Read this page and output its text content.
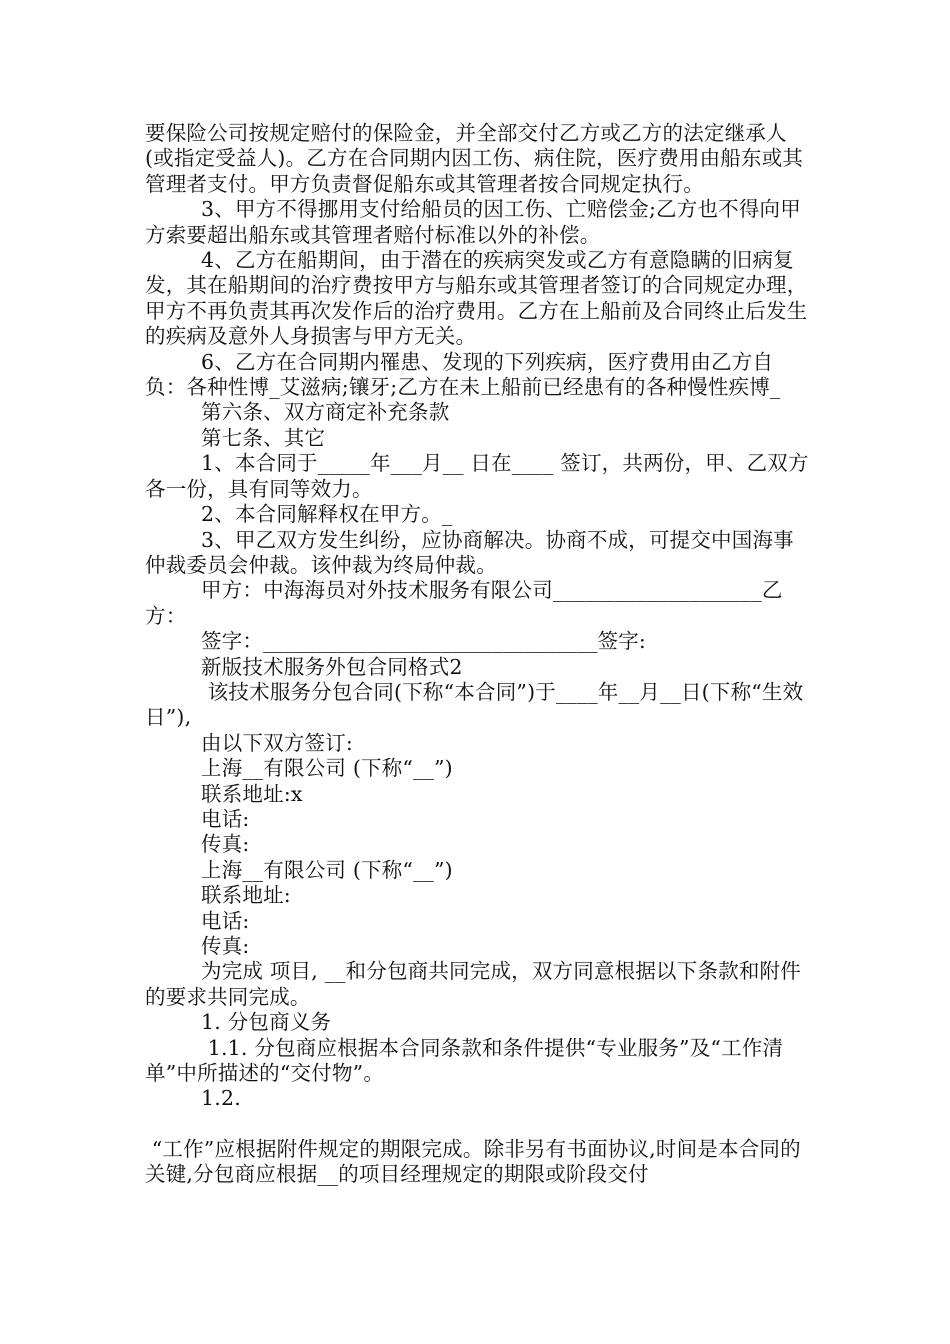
要保险公司按规定赔付的保险金，并全部交付乙方或乙方的法定继承人(或指定受益人)。乙方在合同期内因工伤、病住院，医疗费用由船东或其管理者支付。甲方负责督促船东或其管理者按合同规定执行。

3、甲方不得挪用支付给船员的因工伤、亡赔偿金;乙方也不得向甲方索要超出船东或其管理者赔付标准以外的补偿。

4、乙方在船期间，由于潜在的疾病突发或乙方有意隐瞒的旧病复发，其在船期间的治疗费按甲方与船东或其管理者签订的合同规定办理，甲方不再负责其再次发作后的治疗费用。乙方在上船前及合同终止后发生的疾病及意外人身损害与甲方无关。

6、乙方在合同期内罹患、发现的下列疾病，医疗费用由乙方自负：各种性博_艾滋病;镶牙;乙方在未上船前已经患有的各种慢性疾博_

第六条、双方商定补充条款

第七条、其它

1、本合同于_____年___月__ 日在____ 签订，共两份，甲、乙双方各一份，具有同等效力。

2、本合同解释权在甲方。_

3、甲乙双方发生纠纷，应协商解决。协商不成，可提交中国海事仲裁委员会仲裁。该仲裁为终局仲裁。

甲方：中海海员对外技术服务有限公司____________________乙方：

签字：________________________________签字:

新版技术服务外包合同格式2

该技术服务分包合同(下称“本合同”)于____年__月__日(下称“生效日”),

由以下双方签订:

上海__有限公司 (下称“__”)

联系地址:x

电话:

传真:

上海__有限公司 (下称“__”)

联系地址:

电话:

传真:

为完成 项目, __和分包商共同完成，双方同意根据以下条款和附件的要求共同完成。

1. 分包商义务

1.1. 分包商应根据本合同条款和条件提供“专业服务”及“工作清单”中所描述的“交付物”。

1.2.

“工作”应根据附件规定的期限完成。除非另有书面协议,时间是本合同的关键,分包商应根据__的项目经理规定的期限或阶段交付
